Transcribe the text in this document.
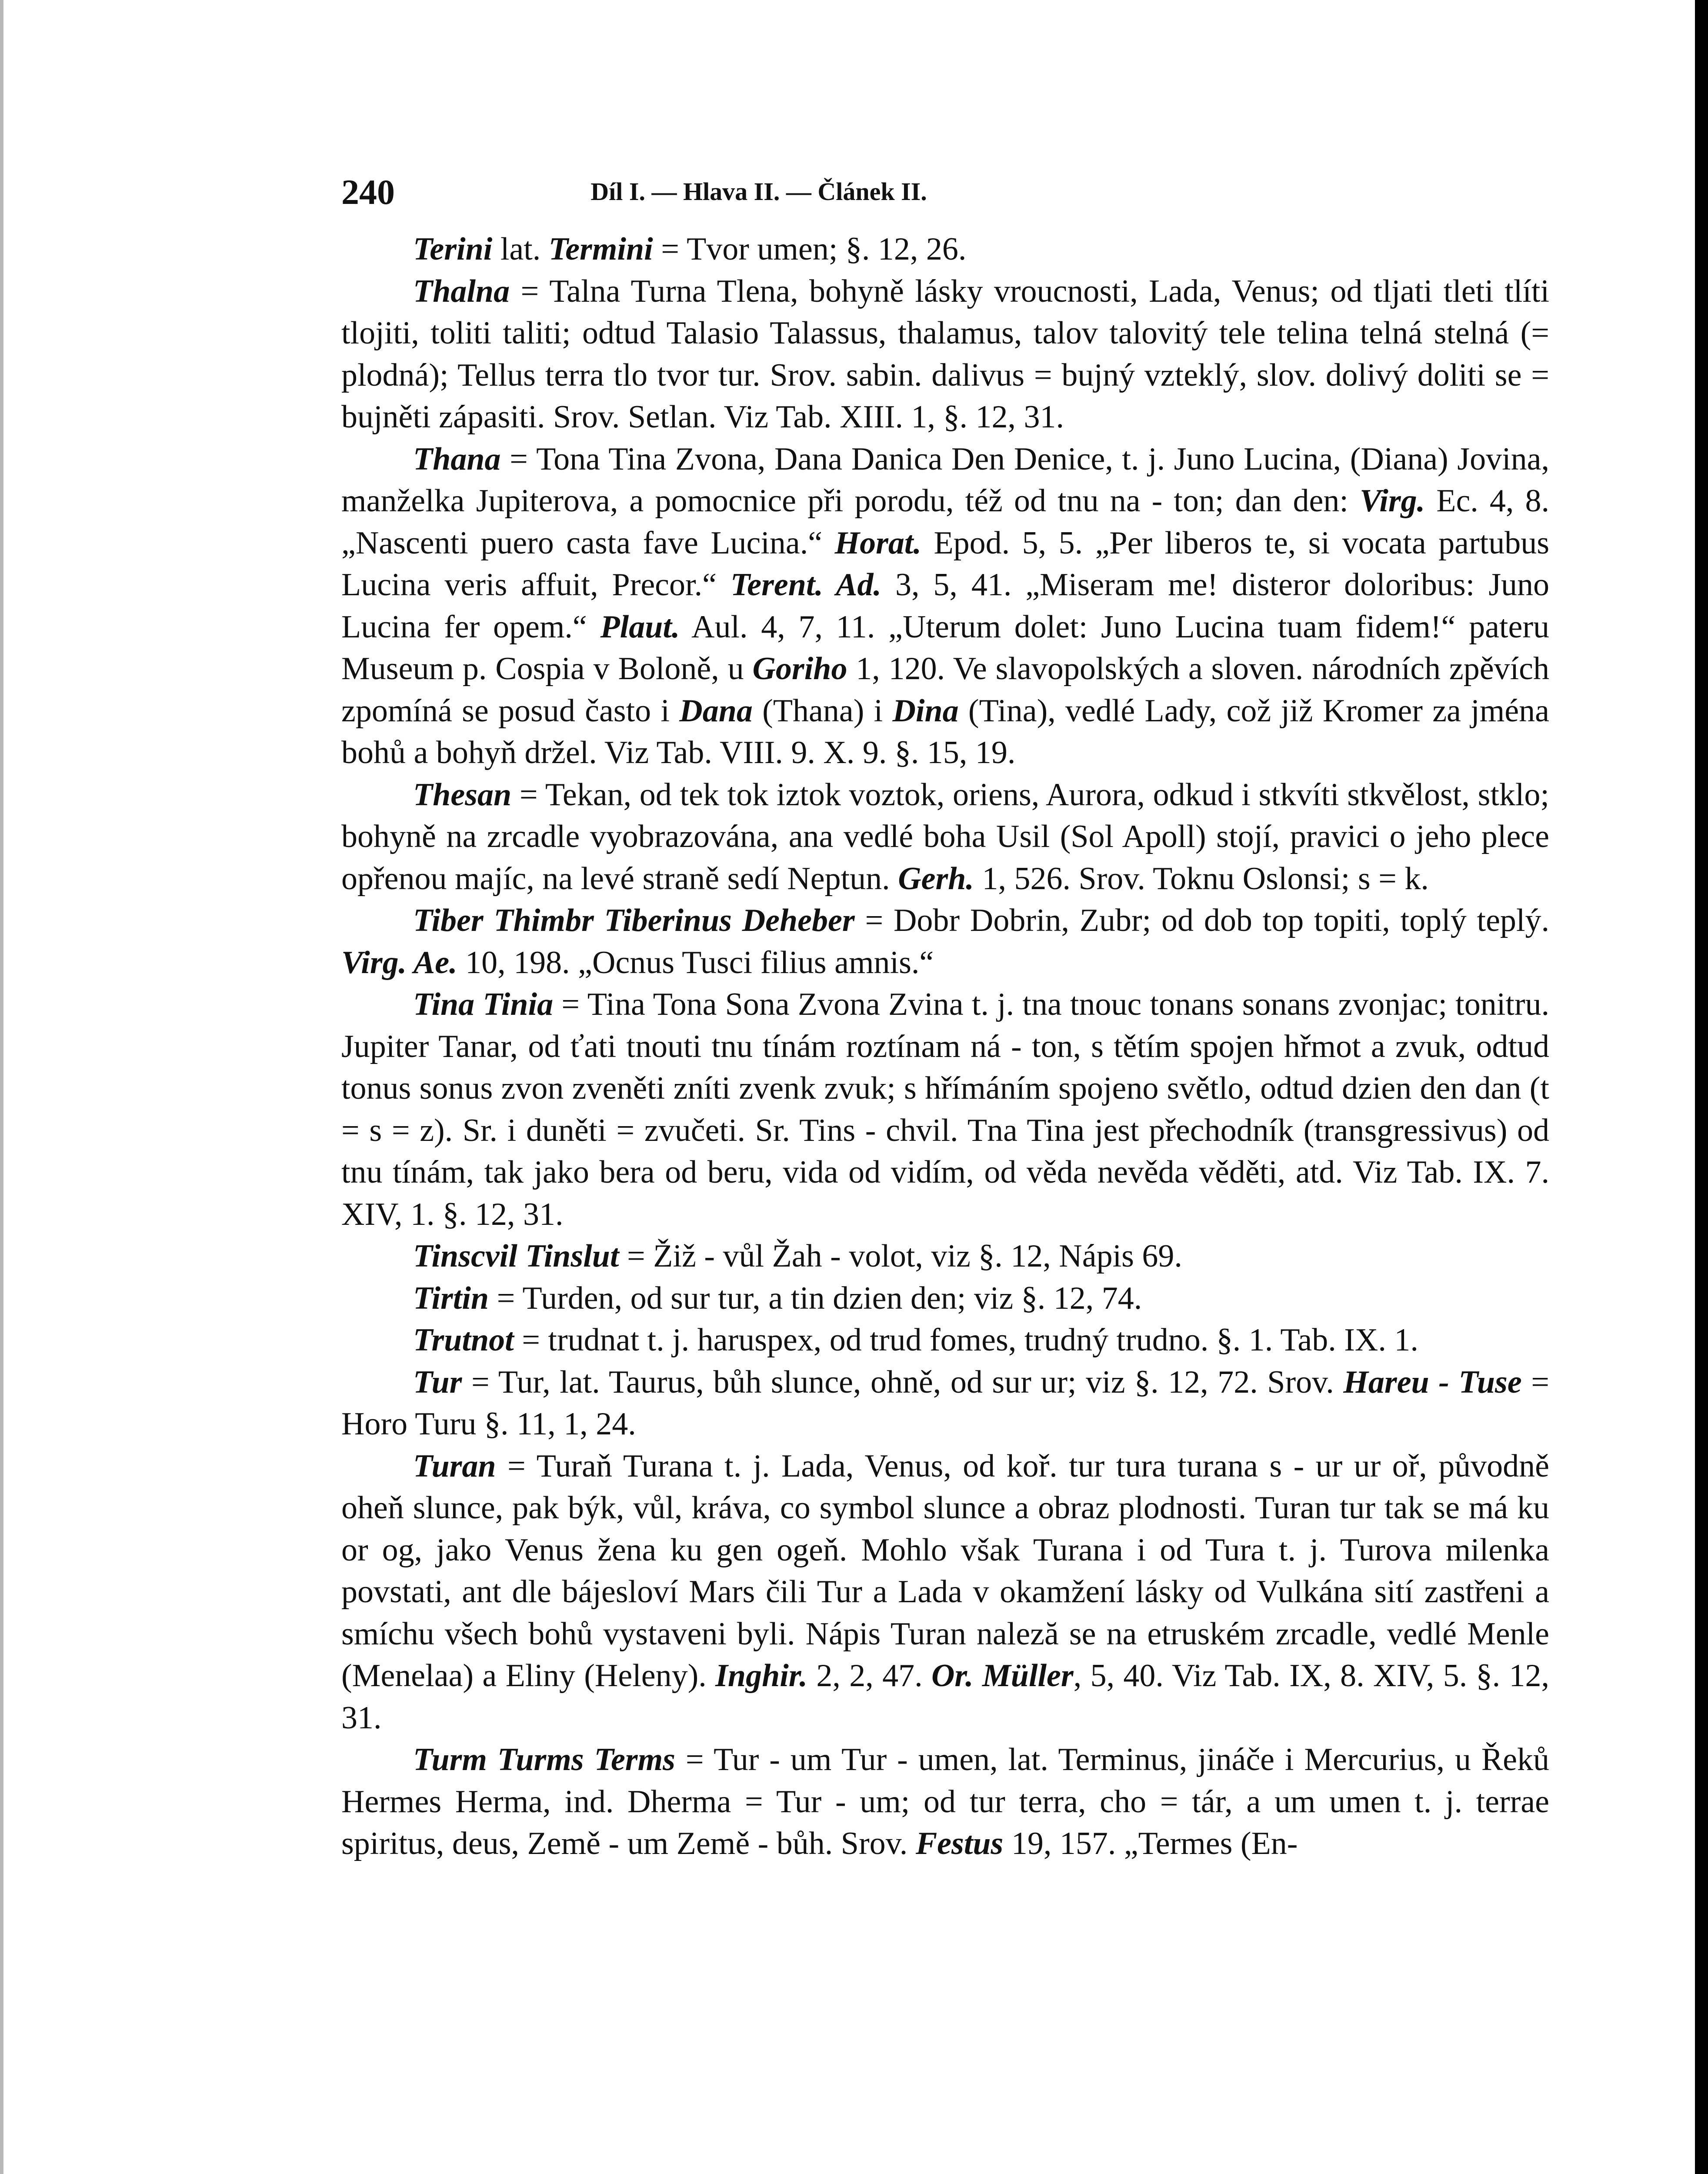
240	Díl I. — Hlava II. — Článek II.

Terini lat. Termini = Tvor umen; §. 12, 26.

Thalna = Talna Turna Tlena, bohyně lásky vroucnosti, Lada, Venus; od tljati tleti tlíti tlojiti, toliti taliti; odtud Talasio Talassus, thalamus, talov talovitý tele telina telná stelná (= plodná); Tellus terra tlo tvor tur. Srov. sabin. dalivus = bujný vzteklý, slov. dolivý doliti se = bujněti zápasiti. Srov. Setlan. Viz Tab. XIII. 1, §. 12, 31.

Thana = Tona Tina Zvona, Dana Danica Den Denice, t. j. Juno Lucina, (Diana) Jovina, manželka Jupiterova, a pomocnice při porodu, též od tnu na - ton; dan den: Virg. Ec. 4, 8. „Nascenti puero casta fave Lucina.“ Horat. Epod. 5, 5. „Per liberos te, si vocata partubus Lucina veris affuit, Precor.“ Terent. Ad. 3, 5, 41. „Miseram me! disteror doloribus: Juno Lucina fer opem.“ Plaut. Aul. 4, 7, 11. „Uterum dolet: Juno Lucina tuam fidem!“ pateru Museum p. Cospia v Boloně, u Goriho 1, 120. Ve slavopolských a sloven. národních zpěvích zpomíná se posud často i Dana (Thana) i Dina (Tina), vedlé Lady, což již Kromer za jména bohů a bohyň držel. Viz Tab. VIII. 9. X. 9. §. 15, 19.

Thesan = Tekan, od tek tok iztok voztok, oriens, Aurora, odkud i stkvíti stkvělost, stklo; bohyně na zrcadle vyobrazována, ana vedlé boha Usil (Sol Apoll) stojí, pravici o jeho plece opřenou majíc, na levé straně sedí Neptun. Gerh. 1, 526. Srov. Toknu Oslonsi; s = k.

Tiber Thimbr Tiberinus Deheber = Dobr Dobrin, Zubr; od dob top topiti, toplý teplý. Virg. Ae. 10, 198. „Ocnus Tusci filius amnis.“

Tina Tinia = Tina Tona Sona Zvona Zvina t. j. tna tnouc tonans sonans zvonjac; tonitru. Jupiter Tanar, od ťati tnouti tnu tínám roztínam ná - ton, s tětím spojen hřmot a zvuk, odtud tonus sonus zvon zveněti zníti zvenk zvuk; s hřímáním spojeno světlo, odtud dzien den dan (t = s = z). Sr. i duněti = zvučeti. Sr. Tins - chvil. Tna Tina jest přechodník (transgressivus) od tnu tínám, tak jako bera od beru, vida od vidím, od věda nevěda věděti, atd. Viz Tab. IX. 7. XIV, 1. §. 12, 31.

Tinscvil Tinslut = Žiž - vůl Žah - volot, viz §. 12, Nápis 69.

Tirtin = Turden, od sur tur, a tin dzien den; viz §. 12, 74.

Trutnot = trudnat t. j. haruspex, od trud fomes, trudný trudno. §. 1. Tab. IX. 1.

Tur = Tur, lat. Taurus, bůh slunce, ohně, od sur ur; viz §. 12, 72. Srov. Hareu - Tuse = Horo Turu §. 11, 1, 24.

Turan = Turaň Turana t. j. Lada, Venus, od koř. tur tura turana s - ur ur oř, původně oheň slunce, pak býk, vůl, kráva, co symbol slunce a obraz plodnosti. Turan tur tak se má ku or og, jako Venus žena ku gen ogeň. Mohlo však Turana i od Tura t. j. Turova milenka povstati, ant dle bájesloví Mars čili Tur a Lada v okamžení lásky od Vulkána sití zastřeni a smíchu všech bohů vystaveni byli. Nápis Turan naleză se na etruském zrcadle, vedlé Menle (Menelaa) a Eliny (Heleny). Inghir. 2, 2, 47. Or. Müller, 5, 40. Viz Tab. IX, 8. XIV, 5. §. 12, 31.

Turm Turms Terms = Tur - um Tur - umen, lat. Terminus, jináče i Mercurius, u Řeků Hermes Herma, ind. Dherma = Tur - um; od tur terra, cho = tár, a um umen t. j. terrae spiritus, deus, Země - um Země - bůh. Srov. Festus 19, 157. „Termes (En-
